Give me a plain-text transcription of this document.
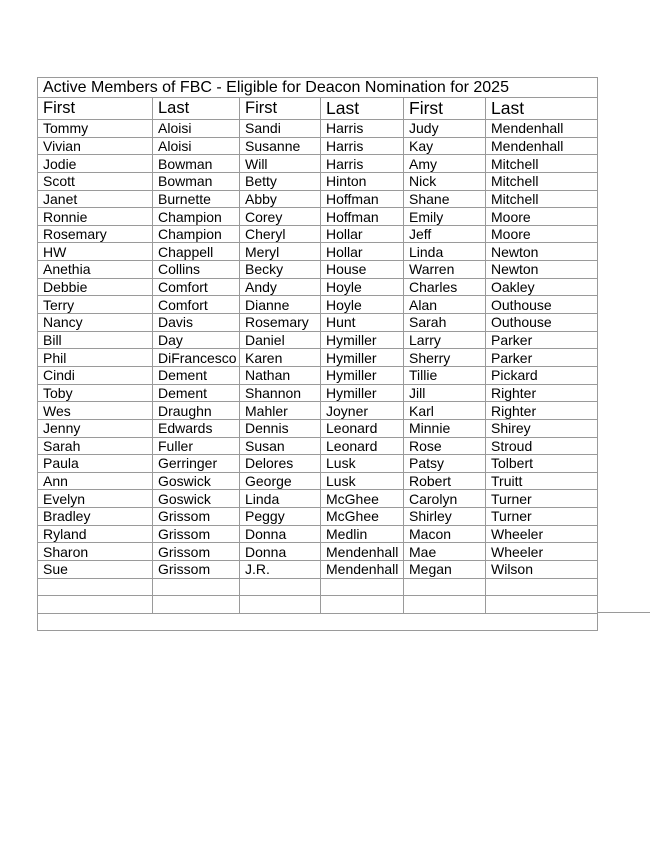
Active Members of FBC - Eligible for Deacon Nomination for 2025					
First	Last	First	Last	First	Last
Tommy	Aloisi	Sandi	Harris	Judy	Mendenhall
Vivian	Aloisi	Susanne	Harris	Kay	Mendenhall
Jodie	Bowman	Will	Harris	Amy	Mitchell
Scott	Bowman	Betty	Hinton	Nick	Mitchell
Janet	Burnette	Abby	Hoffman	Shane	Mitchell
Ronnie	Champion	Corey	Hoffman	Emily	Moore
Rosemary	Champion	Cheryl	Hollar	Jeff	Moore
HW	Chappell	Meryl	Hollar	Linda	Newton
Anethia	Collins	Becky	House	Warren	Newton
Debbie	Comfort	Andy	Hoyle	Charles	Oakley
Terry	Comfort	Dianne	Hoyle	Alan	Outhouse
Nancy	Davis	Rosemary	Hunt	Sarah	Outhouse
Bill	Day	Daniel	Hymiller	Larry	Parker
Phil	DiFrancesco	Karen	Hymiller	Sherry	Parker
Cindi	Dement	Nathan	Hymiller	Tillie	Pickard
Toby	Dement	Shannon	Hymiller	Jill	Righter
Wes	Draughn	Mahler	Joyner	Karl	Righter
Jenny	Edwards	Dennis	Leonard	Minnie	Shirey
Sarah	Fuller	Susan	Leonard	Rose	Stroud
Paula	Gerringer	Delores	Lusk	Patsy	Tolbert
Ann	Goswick	George	Lusk	Robert	Truitt
Evelyn	Goswick	Linda	McGhee	Carolyn	Turner
Bradley	Grissom	Peggy	McGhee	Shirley	Turner
Ryland	Grissom	Donna	Medlin	Macon	Wheeler
Sharon	Grissom	Donna	Mendenhall	Mae	Wheeler
Sue	Grissom	J.R.	Mendenhall	Megan	Wilson
